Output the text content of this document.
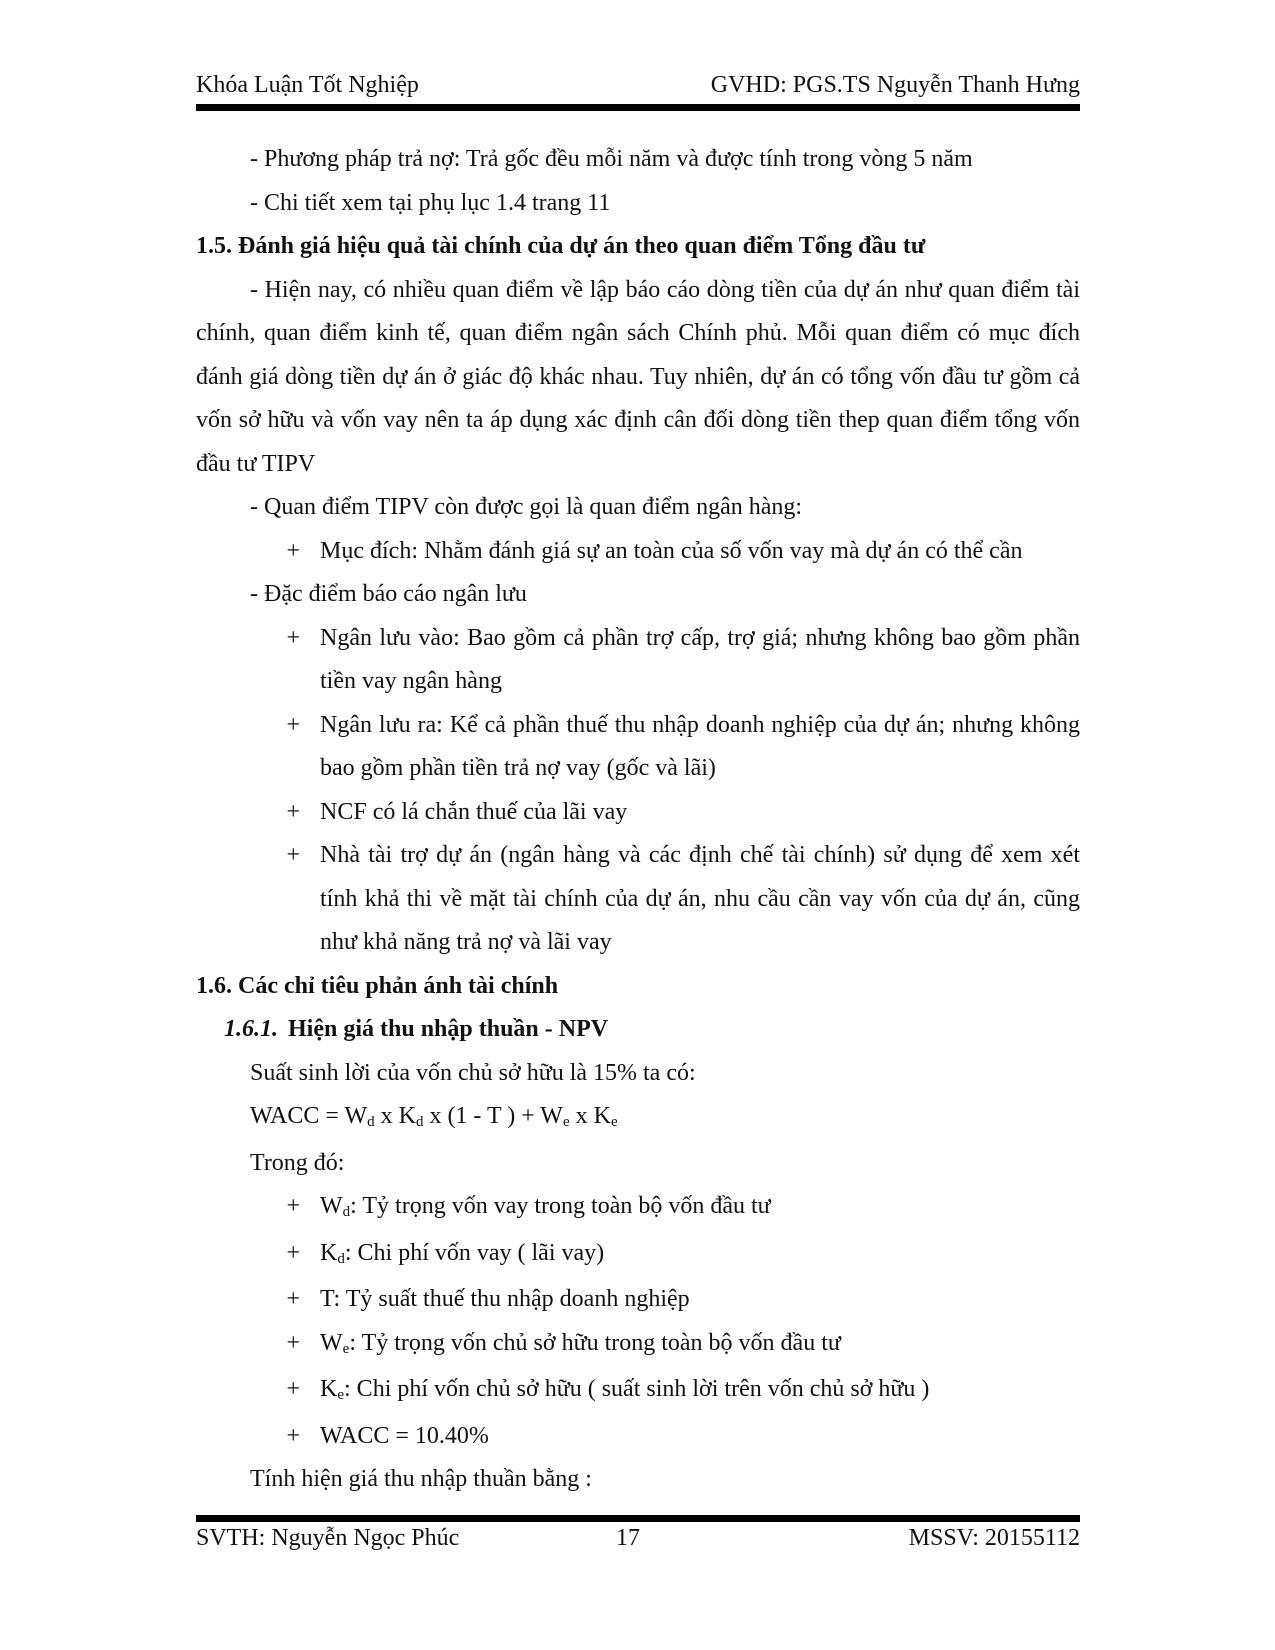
Khóa Luận Tốt Nghiệp	GVHD: PGS.TS Nguyễn Thanh Hưng

- Phương pháp trả nợ: Trả gốc đều mỗi năm và được tính trong vòng 5 năm

- Chi tiết xem tại phụ lục 1.4 trang 11

1.5. Đánh giá hiệu quả tài chính của dự án theo quan điểm Tổng đầu tư

- Hiện nay, có nhiều quan điểm về lập báo cáo dòng tiền của dự án như quan điểm tài chính, quan điểm kinh tế, quan điểm ngân sách Chính phủ. Mỗi quan điểm có mục đích đánh giá dòng tiền dự án ở giác độ khác nhau. Tuy nhiên, dự án có tổng vốn đầu tư gồm cả vốn sở hữu và vốn vay nên ta áp dụng xác định cân đối dòng tiền thep quan điểm tổng vốn đầu tư TIPV

- Quan điểm TIPV còn được gọi là quan điểm ngân hàng:

+ Mục đích: Nhằm đánh giá sự an toàn của số vốn vay mà dự án có thể cần

- Đặc điểm báo cáo ngân lưu

+ Ngân lưu vào: Bao gồm cả phần trợ cấp, trợ giá; nhưng không bao gồm phần tiền vay ngân hàng
+ Ngân lưu ra: Kể cả phần thuế thu nhập doanh nghiệp của dự án; nhưng không bao gồm phần tiền trả nợ vay (gốc và lãi)
+ NCF có lá chắn thuế của lãi vay
+ Nhà tài trợ dự án (ngân hàng và các định chế tài chính) sử dụng để xem xét tính khả thi về mặt tài chính của dự án, nhu cầu cần vay vốn của dự án, cũng như khả năng trả nợ và lãi vay

1.6. Các chỉ tiêu phản ánh tài chính

1.6.1. Hiện giá thu nhập thuần - NPV

Suất sinh lời của vốn chủ sở hữu là 15% ta có:

WACC = $W_d$ x $K_d$ x (1 - T ) + $W_e$ x $K_e$

Trong đó:

+ $W_d$: Tỷ trọng vốn vay trong toàn bộ vốn đầu tư
+ $K_d$: Chi phí vốn vay ( lãi vay)
+ T: Tỷ suất thuế thu nhập doanh nghiệp
+ $W_e$: Tỷ trọng vốn chủ sở hữu trong toàn bộ vốn đầu tư
+ $K_e$: Chi phí vốn chủ sở hữu ( suất sinh lời trên vốn chủ sở hữu )
+ WACC = 10.40%

Tính hiện giá thu nhập thuần bằng :

SVTH: Nguyễn Ngọc Phúc	17	MSSV: 20155112
